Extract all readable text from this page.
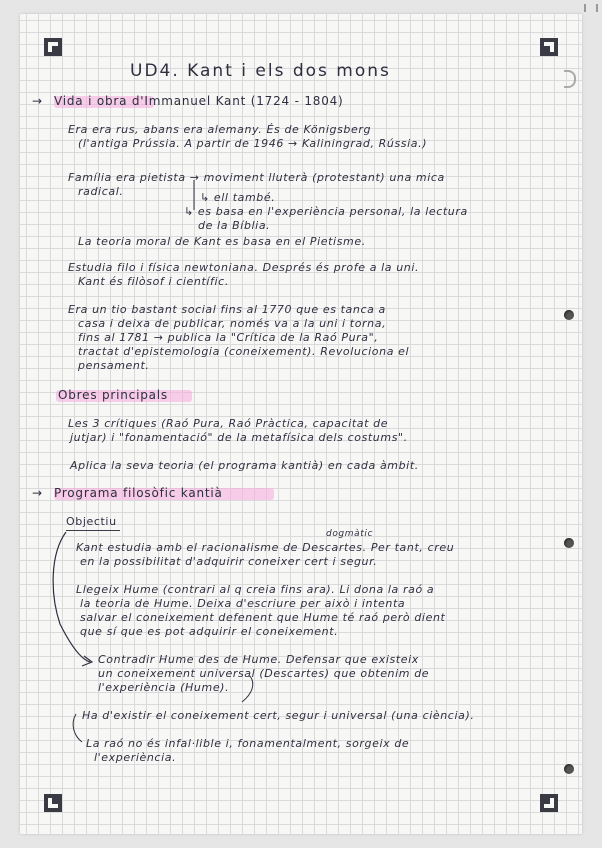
UD4. Kant i els dos mons
→ Vida i obra d'Immanuel Kant (1724 - 1804)
Era era rus, abans era alemany. És de Königsberg
(l'antiga Prússia. A partir de 1946 → Kaliningrad, Rússia.)
Família era pietista → moviment lluterà (protestant) una mica
radical.	↳ ell també.
↳ es basa en l'experiència personal, la lectura
de la Bíblia.
La teoria moral de Kant es basa en el Pietisme.
Estudia filo i física newtoniana. Després és profe a la uni.
Kant és filòsof i científic.
Era un tio bastant social fins al 1770 que es tanca a
casa i deixa de publicar, només va a la uni i torna,
fins al 1781 → publica la "Crítica de la Raó Pura",
tractat d'epistemologia (coneixement). Revoluciona el
pensament.
Obres principals
Les 3 crítiques (Raó Pura, Raó Pràctica, capacitat de
jutjar) i "fonamentació" de la metafísica dels costums".
Aplica la seva teoria (el programa kantià) en cada àmbit.
→ Programa filosòfic kantià
Objectiu
dogmàtic
Kant estudia amb el racionalisme de Descartes. Per tant, creu
en la possibilitat d'adquirir coneixer cert i segur.
Llegeix Hume (contrari al q creia fins ara). Li dona la raó a
la teoria de Hume. Deixa d'escriure per això i intenta
salvar el coneixement defenent que Hume té raó però dient
que sí que es pot adquirir el coneixement.
Contradir Hume des de Hume. Defensar que existeix
un coneixement universal (Descartes) que obtenim de
l'experiència (Hume).
Ha d'existir el coneixement cert, segur i universal (una ciència).
La raó no és infal·lible i, fonamentalment, sorgeix de
l'experiència.
